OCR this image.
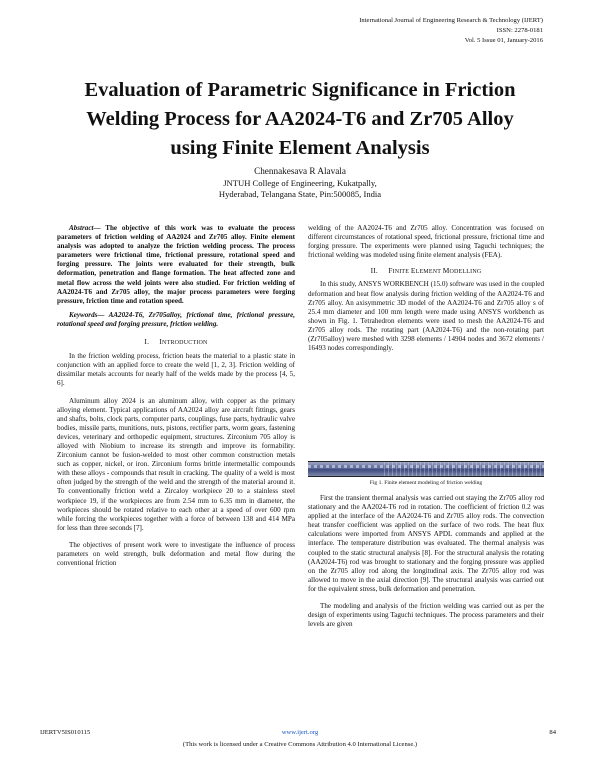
International Journal of Engineering Research & Technology (IJERT)
ISSN: 2278-0181
Vol. 5 Issue 01, January-2016
Evaluation of Parametric Significance in Friction
Welding Process for AA2024-T6 and Zr705 Alloy
using Finite Element Analysis
Chennakesava R Alavala
JNTUH College of Engineering, Kukatpally,
Hyderabad, Telangana State, Pin:500085, India

Abstract— The objective of this work was to evaluate the process parameters of friction welding of AA2024 and Zr705 alloy. Finite element analysis was adopted to analyze the friction welding process. The process parameters were frictional time, frictional pressure, rotational speed and forging pressure. The joints were evaluated for their strength, bulk deformation, penetration and flange formation. The heat affected zone and metal flow across the weld joints were also studied. For friction welding of AA2024-T6 and Zr705 alloy, the major process parameters were forging pressure, friction time and rotation speed.

Keywords— AA2024-T6, Zr705alloy, frictional time, frictional pressure, rotational speed and forging pressure, friction welding.

I. INTRODUCTION

In the friction welding process, friction heats the material to a plastic state in conjunction with an applied force to create the weld [1, 2, 3]. Friction welding of dissimilar metals accounts for nearly half of the welds made by the process [4, 5, 6].

Aluminum alloy 2024 is an aluminum alloy, with copper as the primary alloying element. Typical applications of AA2024 alloy are aircraft fittings, gears and shafts, bolts, clock parts, computer parts, couplings, fuse parts, hydraulic valve bodies, missile parts, munitions, nuts, pistons, rectifier parts, worm gears, fastening devices, veterinary and orthopedic equipment, structures. Zirconium 705 alloy is alloyed with Niobium to increase its strength and improve its formability. Zirconium cannot be fusion-welded to most other common construction metals such as copper, nickel, or iron. Zirconium forms brittle intermetallic compounds with these alloys - compounds that result in cracking. The quality of a weld is most often judged by the strength of the weld and the strength of the material around it. To conventionally friction weld a Zircaloy workpiece 20 to a stainless steel workpiece 19, if the workpieces are from 2.54 mm to 6.35 mm in diameter, the workpieces should be rotated relative to each other at a speed of over 600 rpm while forcing the workpieces together with a force of between 138 and 414 MPa for less than three seconds [7].

The objectives of present work were to investigate the influence of process parameters on weld strength, bulk deformation and metal flow during the conventional friction

welding of the AA2024-T6 and Zr705 alloy. Concentration was focused on different circumstances of rotational speed, frictional pressure, frictional time and forging pressure. The experiments were planned using Taguchi techniques; the frictional welding was modeled using finite element analysis (FEA).

II. FINITE ELEMENT MODELLING

In this study, ANSYS WORKBENCH (15.0) software was used in the coupled deformation and heat flow analysis during friction welding of the AA2024-T6 and Zr705 alloy. An axisymmetric 3D model of the AA2024-T6 and Zr705 alloy s of 25.4 mm diameter and 100 mm length were made using ANSYS workbench as shown in Fig. 1. Tetrahedron elements were used to mesh the AA2024-T6 and Zr705 alloy rods. The rotating part (AA2024-T6) and the non-rotating part (Zr705alloy) were meshed with 3298 elements / 14904 nodes and 3672 elements / 16493 nodes correspondingly.

Fig 1. Finite element modeling of friction welding

First the transient thermal analysis was carried out staying the Zr705 alloy rod stationary and the AA2024-T6 rod in rotation. The coefficient of friction 0.2 was applied at the interface of the AA2024-T6 and Zr705 alloy rods. The convection heat transfer coefficient was applied on the surface of two rods. The heat flux calculations were imported from ANSYS APDL commands and applied at the interface. The temperature distribution was evaluated. The thermal analysis was coupled to the static structural analysis [8]. For the structural analysis the rotating (AA2024-T6) rod was brought to stationary and the forging pressure was applied on the Zr705 alloy rod along the longitudinal axis. The Zr705 alloy rod was allowed to move in the axial direction [9]. The structural analysis was carried out for the equivalent stress, bulk deformation and penetration.

The modeling and analysis of the friction welding was carried out as per the design of experiments using Taguchi techniques. The process parameters and their levels are given

IJERTV5IS010115	www.ijert.org	84
(This work is licensed under a Creative Commons Attribution 4.0 International License.)
